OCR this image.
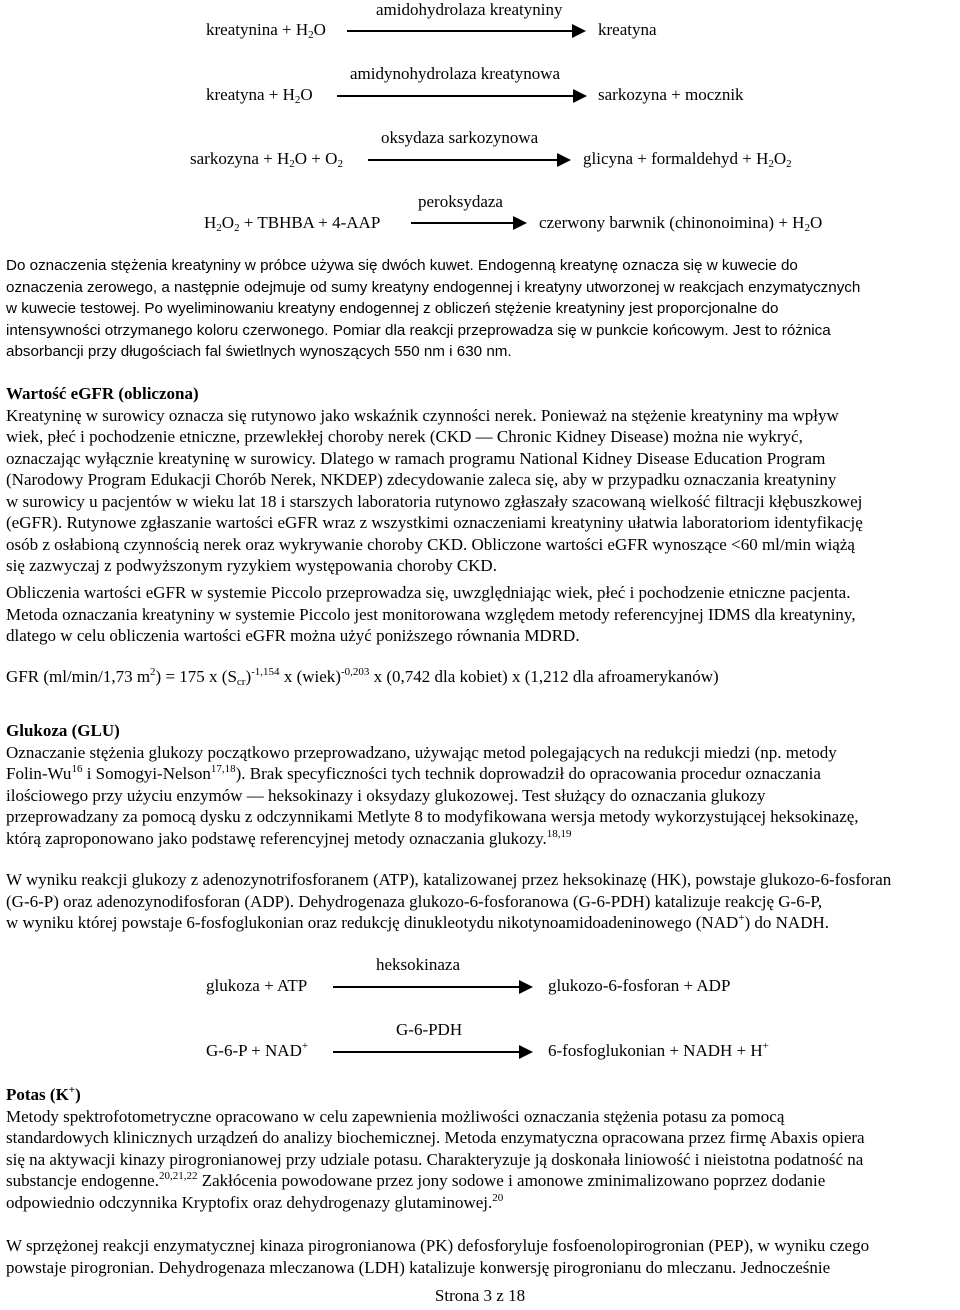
amidohydrolaza kreatyniny
kreatynina + $H_2O$	kreatyna
amidynohydrolaza kreatynowa
kreatyna + $H_2O$	sarkozyna + mocznik
oksydaza sarkozynowa
sarkozyna + $H_2O + O_2$	glicyna + formaldehyd + $H_2O_2$
peroksydaza
$H_2O_2$ + TBHBA + 4-AAP	czerwony barwnik (chinonoimina) + $H_2O$
Do oznaczenia stężenia kreatyniny w próbce używa się dwóch kuwet. Endogenną kreatynę oznacza się w kuwecie do
oznaczenia zerowego, a następnie odejmuje od sumy kreatyny endogennej i kreatyny utworzonej w reakcjach enzymatycznych
w kuwecie testowej. Po wyeliminowaniu kreatyny endogennej z obliczeń stężenie kreatyniny jest proporcjonalne do
intensywności otrzymanego koloru czerwonego. Pomiar dla reakcji przeprowadza się w punkcie końcowym. Jest to różnica
absorbancji przy długościach fal świetlnych wynoszących 550 nm i 630 nm.
Wartość eGFR (obliczona)
Kreatyninę w surowicy oznacza się rutynowo jako wskaźnik czynności nerek. Ponieważ na stężenie kreatyniny ma wpływ
wiek, płeć i pochodzenie etniczne, przewlekłej choroby nerek (CKD — Chronic Kidney Disease) można nie wykryć,
oznaczając wyłącznie kreatyninę w surowicy. Dlatego w ramach programu National Kidney Disease Education Program
(Narodowy Program Edukacji Chorób Nerek, NKDEP) zdecydowanie zaleca się, aby w przypadku oznaczania kreatyniny
w surowicy u pacjentów w wieku lat 18 i starszych laboratoria rutynowo zgłaszały szacowaną wielkość filtracji kłębuszkowej
(eGFR). Rutynowe zgłaszanie wartości eGFR wraz z wszystkimi oznaczeniami kreatyniny ułatwia laboratoriom identyfikację
osób z osłabioną czynnością nerek oraz wykrywanie choroby CKD. Obliczone wartości eGFR wynoszące <60 ml/min wiążą
się zazwyczaj z podwyższonym ryzykiem występowania choroby CKD.
Obliczenia wartości eGFR w systemie Piccolo przeprowadza się, uwzględniając wiek, płeć i pochodzenie etniczne pacjenta.
Metoda oznaczania kreatyniny w systemie Piccolo jest monitorowana względem metody referencyjnej IDMS dla kreatyniny,
dlatego w celu obliczenia wartości eGFR można użyć poniższego równania MDRD.
GFR (ml/min/1,73 $m^2) = 175$ x $(S_{cr})^{-1,154}$ x (wiek)$^{-0,203}$ x (0,742 dla kobiet) x (1,212 dla afroamerykanów)
Glukoza (GLU)
Oznaczanie stężenia glukozy początkowo przeprowadzano, używając metod polegających na redukcji miedzi (np. metody
Folin-Wu$^{16}$ i Somogyi-Nelson$^{17,18}$). Brak specyficzności tych technik doprowadził do opracowania procedur oznaczania
ilościowego przy użyciu enzymów — heksokinazy i oksydazy glukozowej. Test służący do oznaczania glukozy
przeprowadzany za pomocą dysku z odczynnikami Metlyte 8 to modyfikowana wersja metody wykorzystującej heksokinazę,
którą zaproponowano jako podstawę referencyjnej metody oznaczania glukozy.$^{18,19}$
W wyniku reakcji glukozy z adenozynotrifosforanem (ATP), katalizowanej przez heksokinazę (HK), powstaje glukozo-6-fosforan
(G-6-P) oraz adenozynodifosforan (ADP). Dehydrogenaza glukozo-6-fosforanowa (G-6-PDH) katalizuje reakcję G-6-P,
w wyniku której powstaje 6-fosfoglukonian oraz redukcję dinukleotydu nikotynoamidoadeninowego (NAD+) do NADH.
heksokinaza
glukoza + ATP	glukozo-6-fosforan + ADP
G-6-PDH
G-6-P + NAD+	6-fosfoglukonian + NADH + H+
Potas (K+)
Metody spektrofotometryczne opracowano w celu zapewnienia możliwości oznaczania stężenia potasu za pomocą
standardowych klinicznych urządzeń do analizy biochemicznej. Metoda enzymatyczna opracowana przez firmę Abaxis opiera
się na aktywacji kinazy pirogronianowej przy udziale potasu. Charakteryzuje ją doskonała liniowość i nieistotna podatność na
substancje endogenne.$^{20,21,22}$ Zakłócenia powodowane przez jony sodowe i amonowe zminimalizowano poprzez dodanie
odpowiednio odczynnika Kryptofix oraz dehydrogenazy glutaminowej.$^{20}$
W sprzężonej reakcji enzymatycznej kinaza pirogronianowa (PK) defosforyluje fosfoenolopirogronian (PEP), w wyniku czego
powstaje pirogronian. Dehydrogenaza mleczanowa (LDH) katalizuje konwersję pirogronianu do mleczanu. Jednocześnie
Strona 3 z 18
